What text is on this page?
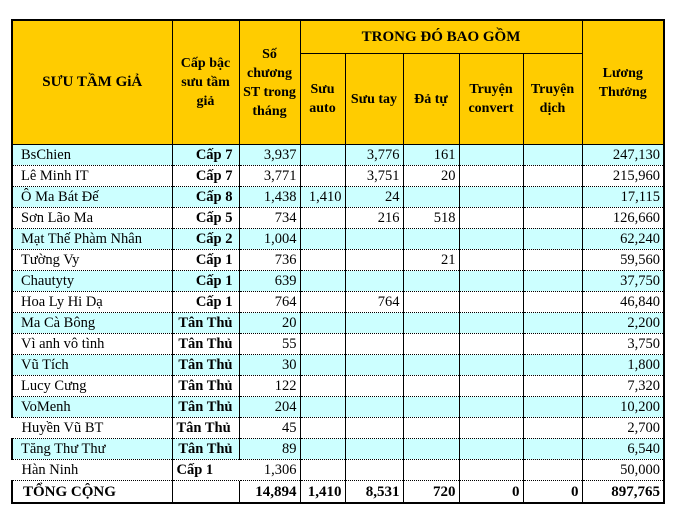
SƯU TẦM GiẢ	Cấp bậc sưu tầm giả	Số chương ST trong tháng	TRONG ĐÓ BAO GỒM					Lương Thưởng
			Sưu auto	Sưu tay	Đả tự	Truyện convert	Truyện dịch	
BsChien	Cấp 7	3,937		3,776	161			247,130
Lê Minh IT	Cấp 7	3,771		3,751	20			215,960
Ô Ma Bát Đế	Cấp 8	1,438	1,410	24				17,115
Sơn Lão Ma	Cấp 5	734		216	518			126,660
Mạt Thế Phàm Nhân	Cấp 2	1,004						62,240
Tường Vy	Cấp 1	736			21			59,560
Chautyty	Cấp 1	639						37,750
Hoa Ly Hi Dạ	Cấp 1	764		764				46,840
Ma Cà Bông	Tân Thủ	20						2,200
Vì anh vô tình	Tân Thủ	55						3,750
Vũ Tích	Tân Thủ	30						1,800
Lucy Cưng	Tân Thủ	122						7,320
VoMenh	Tân Thủ	204						10,200
Huyền Vũ BT	Tân Thủ	45						2,700
Tăng Thư Thư	Tân Thủ	89						6,540
Hàn Ninh	Cấp 1	1,306						50,000
TỔNG CỘNG		14,894	1,410	8,531	720	0	0	897,765
